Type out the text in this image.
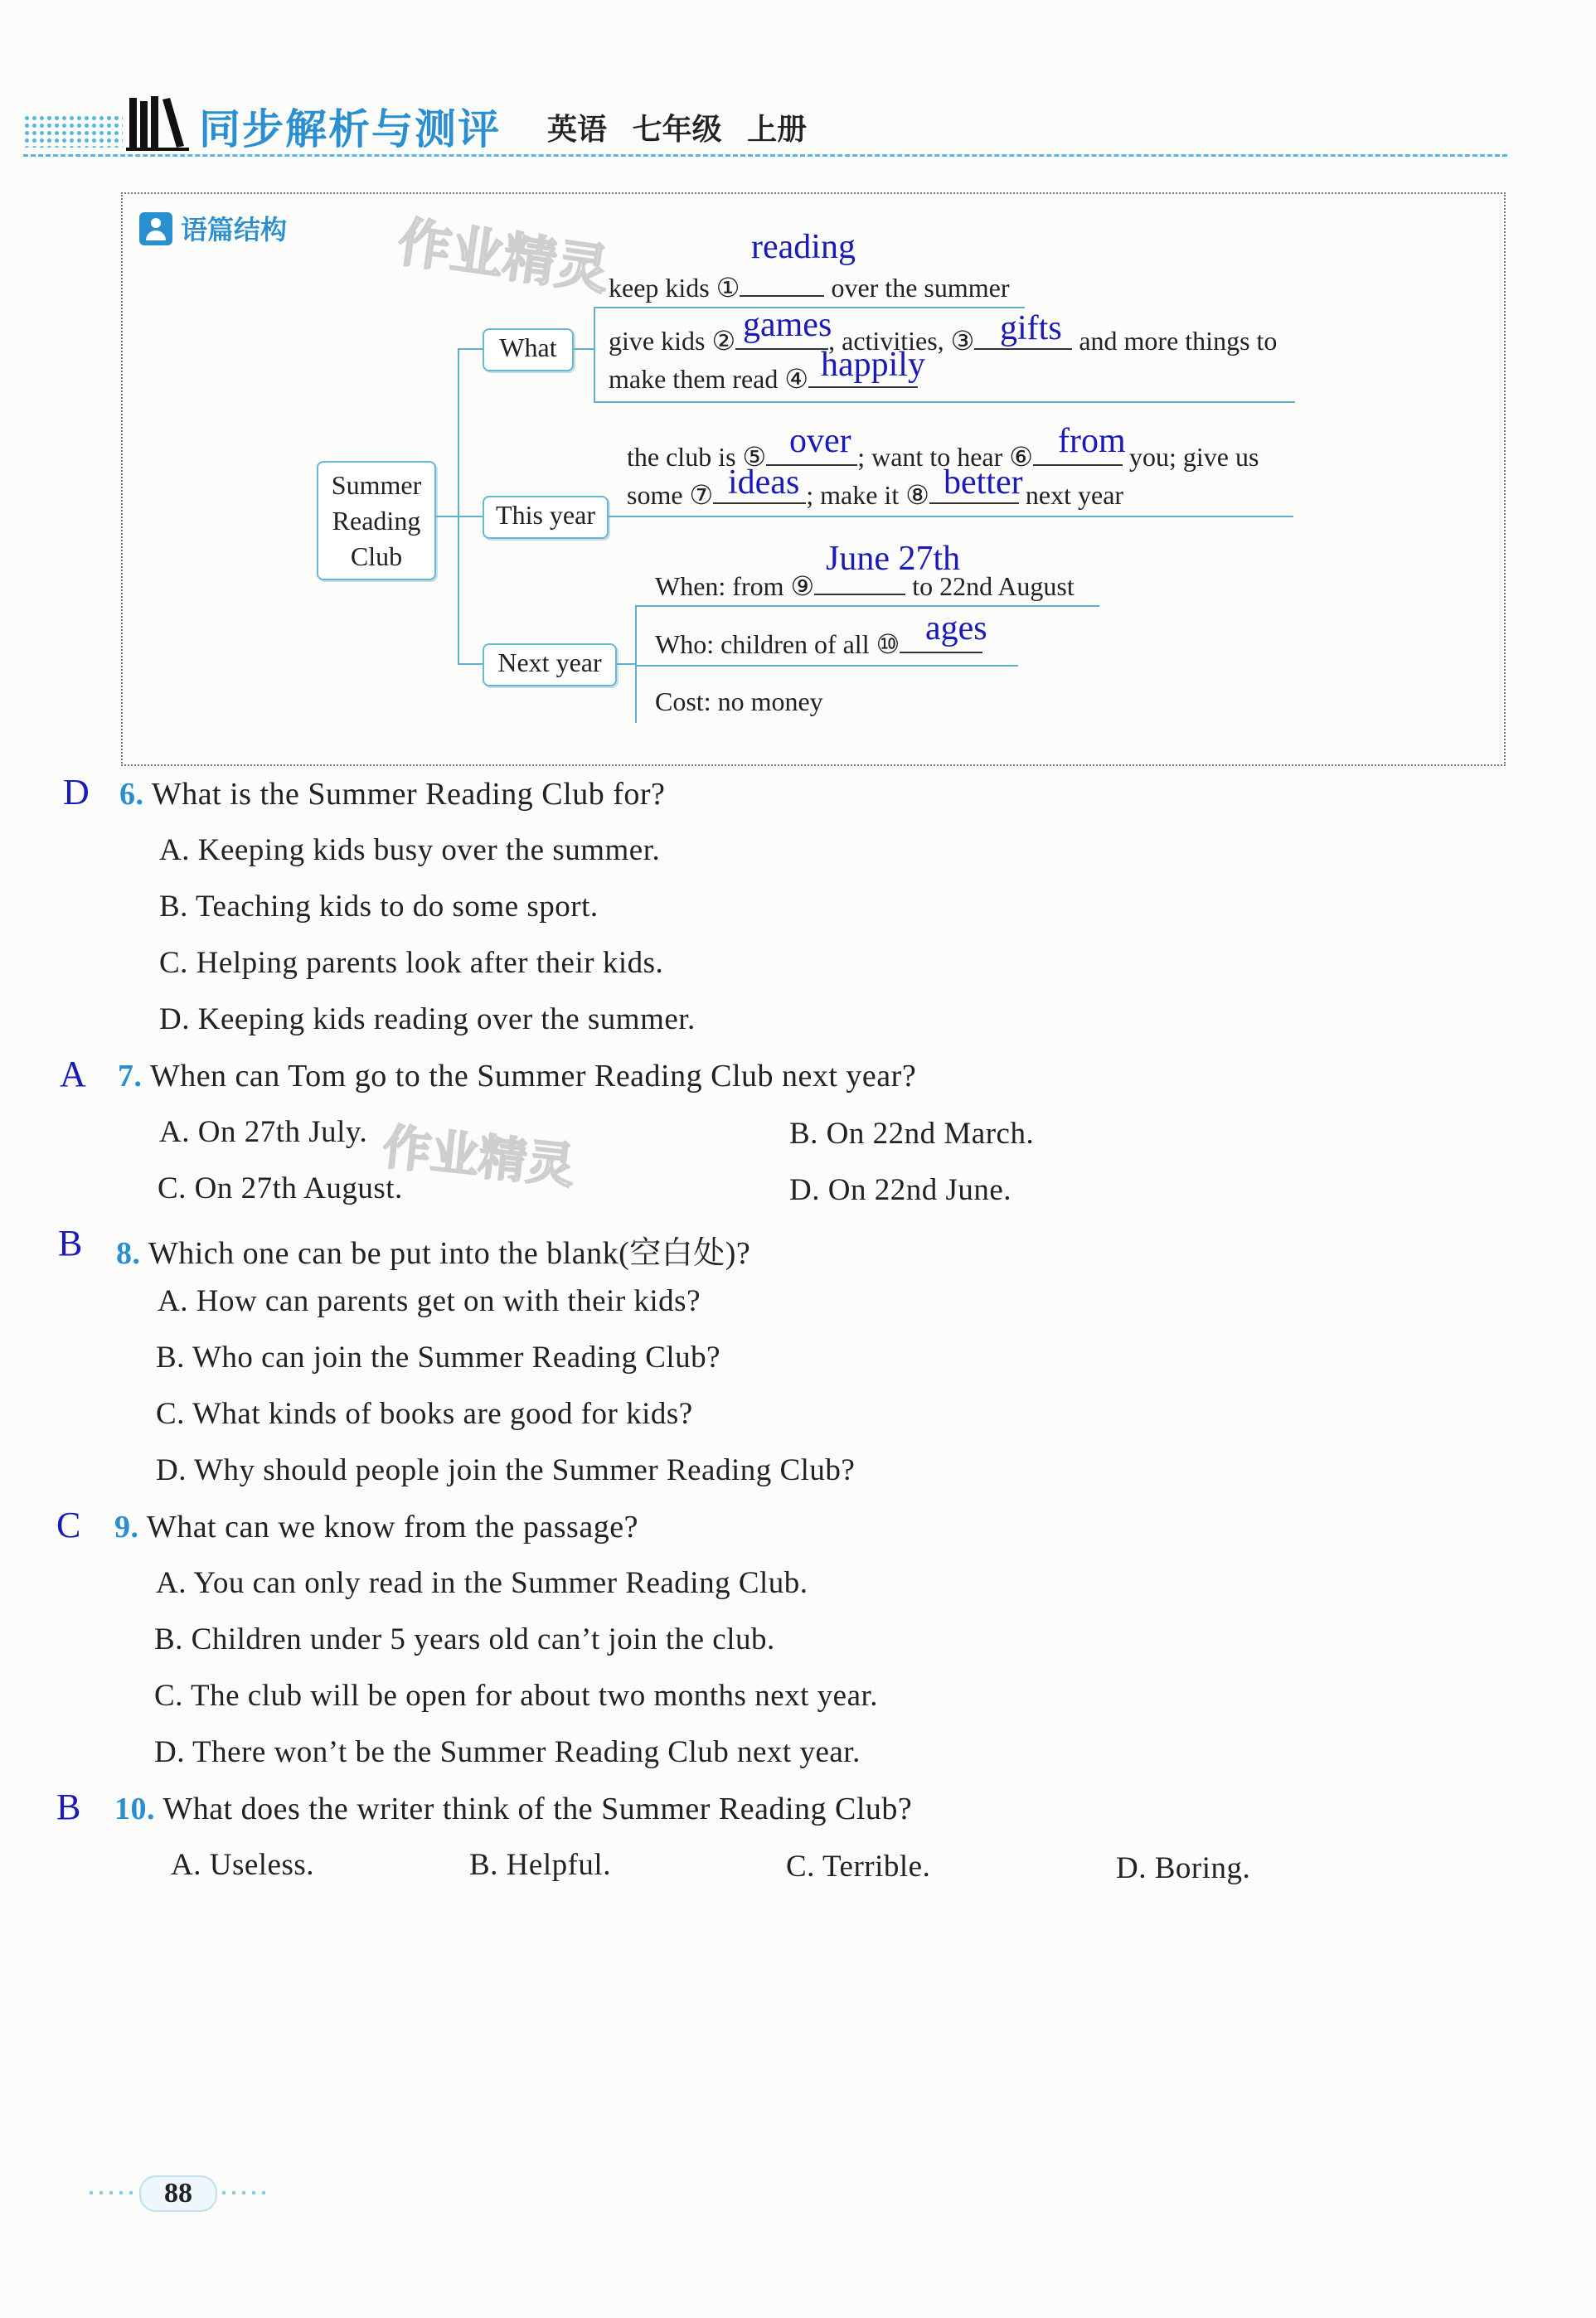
同步解析与测评 英语 七年级 上册
语篇结构 作业精灵
Summer
Reading
Club
What
This year
Next year
keep kids ①	over the summer
reading
give kids ②	, activities, ③	and more things to
games	gifts
make them read ④ happily
the club is ⑤	; want to hear ⑥	you; give us
over	from
some ⑦	; make it ⑧	next year
ideas	better
When: from ⑨	to 22nd August
June 27th
Who: children of all ⑩ ages
Cost: no money
D 6. What is the Summer Reading Club for?
A. Keeping kids busy over the summer.
B. Teaching kids to do some sport.
C. Helping parents look after their kids.
D. Keeping kids reading over the summer.
A 7. When can Tom go to the Summer Reading Club next year?
A. On 27th July.	B. On 22nd March.
C. On 27th August.	D. On 22nd June.
作业精灵
B 8. Which one can be put into the blank(空白处)?
A. How can parents get on with their kids?
B. Who can join the Summer Reading Club?
C. What kinds of books are good for kids?
D. Why should people join the Summer Reading Club?
C 9. What can we know from the passage?
A. You can only read in the Summer Reading Club.
B. Children under 5 years old can’t join the club.
C. The club will be open for about two months next year.
D. There won’t be the Summer Reading Club next year.
B 10. What does the writer think of the Summer Reading Club?
A. Useless.	B. Helpful.	C. Terrible.	D. Boring.
88
